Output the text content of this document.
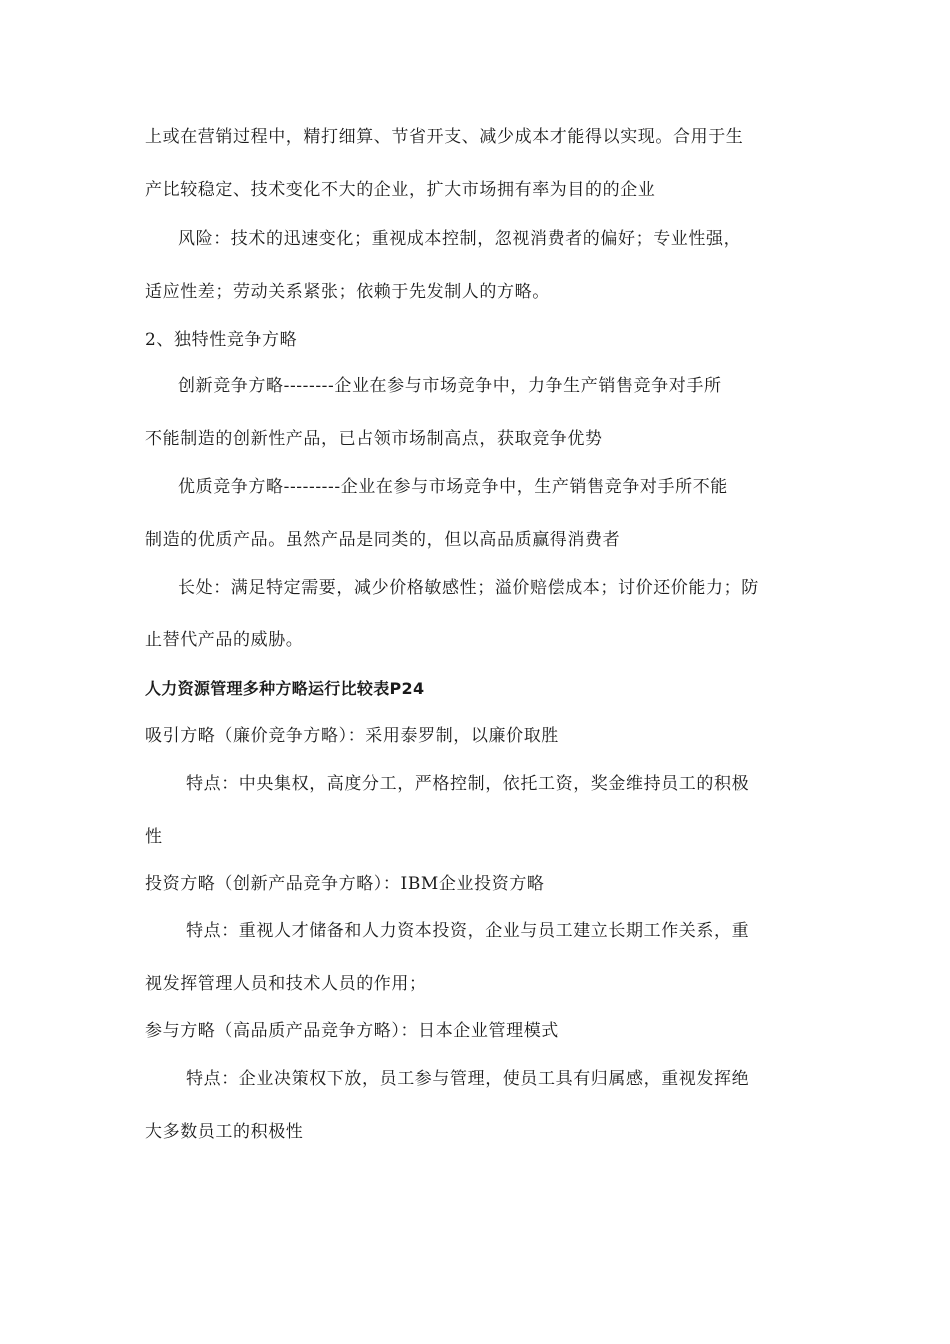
上或在营销过程中，精打细算、节省开支、减少成本才能得以实现。合用于生
产比较稳定、技术变化不大的企业，扩大市场拥有率为目的的企业
风险：技术的迅速变化；重视成本控制，忽视消费者的偏好；专业性强，
适应性差；劳动关系紧张；依赖于先发制人的方略。
2、独特性竞争方略
创新竞争方略--------企业在参与市场竞争中，力争生产销售竞争对手所
不能制造的创新性产品，已占领市场制高点，获取竞争优势
优质竞争方略---------企业在参与市场竞争中，生产销售竞争对手所不能
制造的优质产品。虽然产品是同类的，但以高品质赢得消费者
长处：满足特定需要，减少价格敏感性；溢价赔偿成本；讨价还价能力；防
止替代产品的威胁。
人力资源管理多种方略运行比较表P24
吸引方略（廉价竞争方略）：采用泰罗制，以廉价取胜
特点：中央集权，高度分工，严格控制，依托工资，奖金维持员工的积极
性
投资方略（创新产品竞争方略）：IBM企业投资方略
特点：重视人才储备和人力资本投资，企业与员工建立长期工作关系，重
视发挥管理人员和技术人员的作用；
参与方略（高品质产品竞争方略）：日本企业管理模式
特点：企业决策权下放，员工参与管理，使员工具有归属感，重视发挥绝
大多数员工的积极性
